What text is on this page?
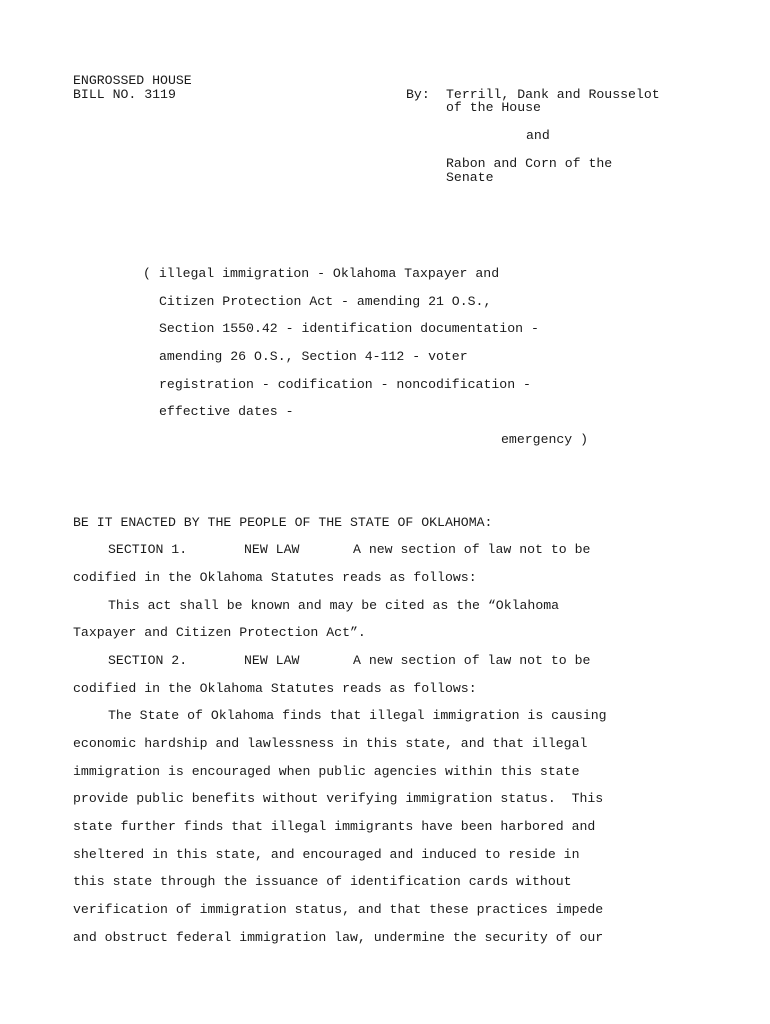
ENGROSSED HOUSE
BILL NO. 3119	By: Terrill, Dank and Rousselot
of the House
and
Rabon and Corn of the
Senate
( illegal immigration - Oklahoma Taxpayer and
Citizen Protection Act - amending 21 O.S.,
Section 1550.42 - identification documentation -
amending 26 O.S., Section 4-112 - voter
registration - codification - noncodification -
effective dates -
emergency )
BE IT ENACTED BY THE PEOPLE OF THE STATE OF OKLAHOMA:
SECTION 1.	NEW LAW	A new section of law not to be
codified in the Oklahoma Statutes reads as follows:
This act shall be known and may be cited as the “Oklahoma
Taxpayer and Citizen Protection Act”.
SECTION 2.	NEW LAW	A new section of law not to be
codified in the Oklahoma Statutes reads as follows:
The State of Oklahoma finds that illegal immigration is causing
economic hardship and lawlessness in this state, and that illegal
immigration is encouraged when public agencies within this state
provide public benefits without verifying immigration status.  This
state further finds that illegal immigrants have been harbored and
sheltered in this state, and encouraged and induced to reside in
this state through the issuance of identification cards without
verification of immigration status, and that these practices impede
and obstruct federal immigration law, undermine the security of our
